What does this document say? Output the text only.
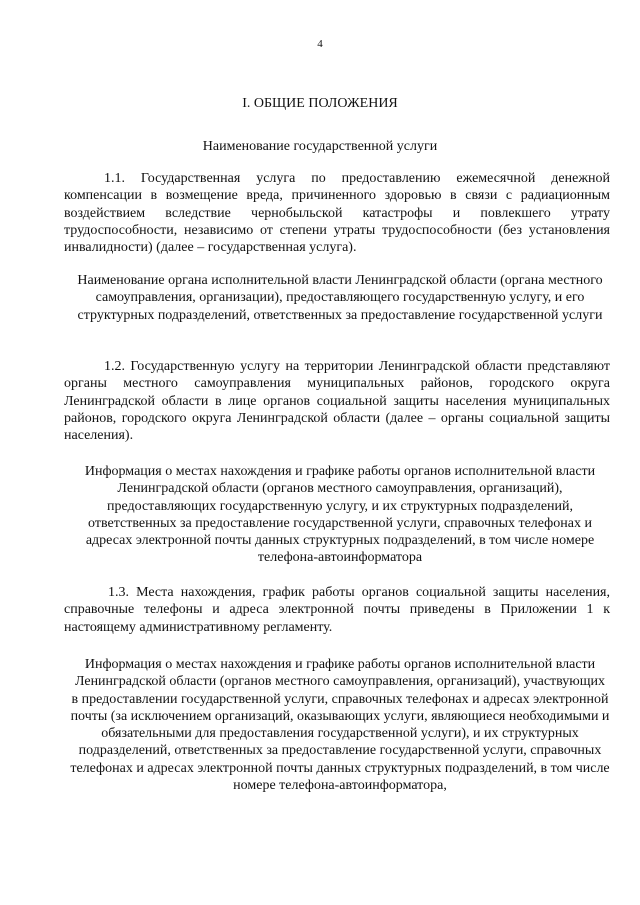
4
I. ОБЩИЕ ПОЛОЖЕНИЯ
Наименование государственной услуги
1.1. Государственная услуга по предоставлению ежемесячной денежной компенсации в возмещение вреда, причиненного здоровью в связи с радиационным воздействием вследствие чернобыльской катастрофы и повлекшего утрату трудоспособности, независимо от степени утраты трудоспособности (без установления инвалидности) (далее – государственная услуга).
Наименование органа исполнительной власти Ленинградской области (органа местного самоуправления, организации), предоставляющего государственную услугу, и его структурных подразделений, ответственных за предоставление государственной услуги
1.2. Государственную услугу на территории Ленинградской области представляют органы местного самоуправления муниципальных районов, городского округа Ленинградской области в лице органов социальной защиты населения муниципальных районов, городского округа Ленинградской области (далее – органы социальной защиты населения).
Информация о местах нахождения и графике работы органов исполнительной власти Ленинградской области (органов местного самоуправления, организаций), предоставляющих государственную услугу, и их структурных подразделений, ответственных за предоставление государственной услуги, справочных телефонах и адресах электронной почты данных структурных подразделений, в том числе номере телефона-автоинформатора
1.3. Места нахождения, график работы органов социальной защиты населения, справочные телефоны и адреса электронной почты приведены в Приложении 1 к настоящему административному регламенту.
Информация о местах нахождения и графике работы органов исполнительной власти Ленинградской области (органов местного самоуправления, организаций), участвующих в предоставлении государственной услуги, справочных телефонах и адресах электронной почты (за исключением организаций, оказывающих услуги, являющиеся необходимыми и обязательными для предоставления государственной услуги), и их структурных подразделений, ответственных за предоставление государственной услуги, справочных телефонах и адресах электронной почты данных структурных подразделений, в том числе номере телефона-автоинформатора,
